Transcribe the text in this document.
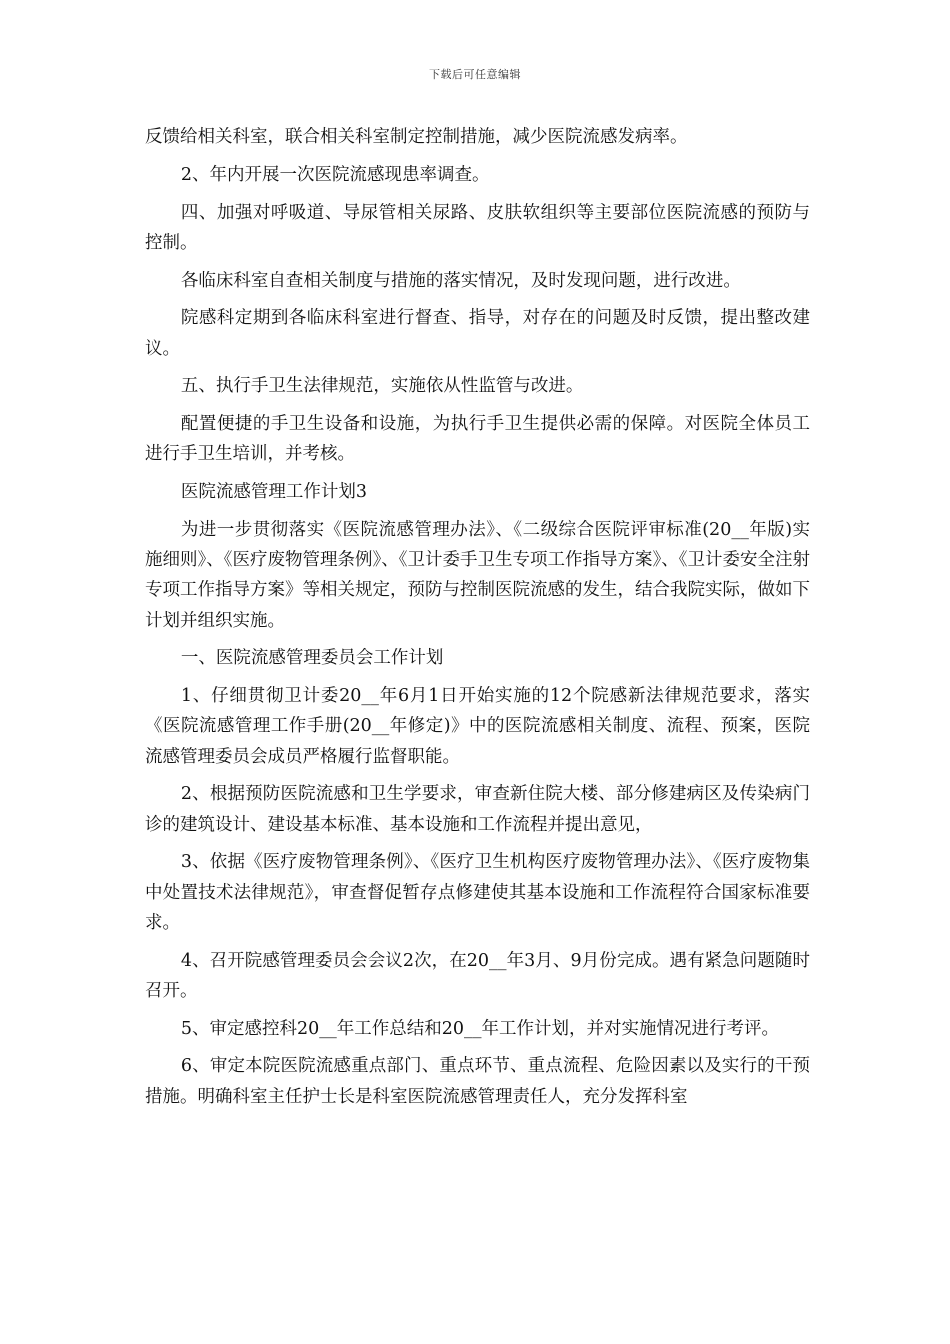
下载后可任意编辑

反馈给相关科室，联合相关科室制定控制措施，减少医院流感发病率。

2、年内开展一次医院流感现患率调查。

四、加强对呼吸道、导尿管相关尿路、皮肤软组织等主要部位医院流感的预防与控制。

各临床科室自查相关制度与措施的落实情况，及时发现问题，进行改进。

院感科定期到各临床科室进行督查、指导，对存在的问题及时反馈，提出整改建议。

五、执行手卫生法律规范，实施依从性监管与改进。

配置便捷的手卫生设备和设施，为执行手卫生提供必需的保障。对医院全体员工进行手卫生培训，并考核。

医院流感管理工作计划3

为进一步贯彻落实《医院流感管理办法》、《二级综合医院评审标准(20__年版)实施细则》、《医疗废物管理条例》、《卫计委手卫生专项工作指导方案》、《卫计委安全注射专项工作指导方案》等相关规定，预防与控制医院流感的发生，结合我院实际，做如下计划并组织实施。

一、医院流感管理委员会工作计划

1、仔细贯彻卫计委20__年6月1日开始实施的12个院感新法律规范要求，落实《医院流感管理工作手册(20__年修定)》中的医院流感相关制度、流程、预案，医院流感管理委员会成员严格履行监督职能。

2、根据预防医院流感和卫生学要求，审查新住院大楼、部分修建病区及传染病门诊的建筑设计、建设基本标准、基本设施和工作流程并提出意见，

3、依据《医疗废物管理条例》、《医疗卫生机构医疗废物管理办法》、《医疗废物集中处置技术法律规范》，审查督促暂存点修建使其基本设施和工作流程符合国家标准要求。

4、召开院感管理委员会会议2次，在20__年3月、9月份完成。遇有紧急问题随时召开。

5、审定感控科20__年工作总结和20__年工作计划，并对实施情况进行考评。

6、审定本院医院流感重点部门、重点环节、重点流程、危险因素以及实行的干预措施。明确科室主任护士长是科室医院流感管理责任人，充分发挥科室
